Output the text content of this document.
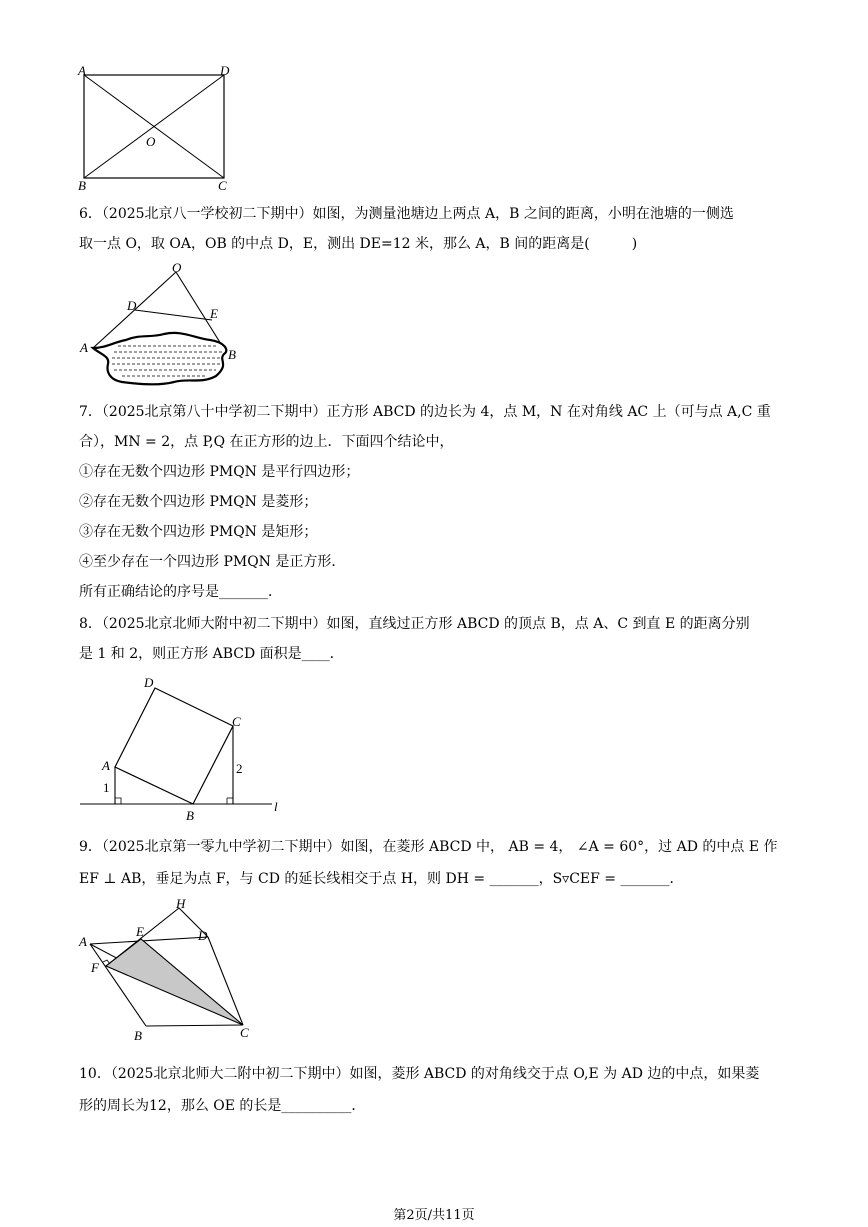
A	D
O
B	C
6．（2025北京八一学校初二下期中）如图，为测量池塘边上两点 A，B 之间的距离，小明在池塘的一侧选
取一点 O，取 OA，OB 的中点 D，E，测出 DE=12 米，那么 A，B 间的距离是(　　　)
O
D
E
A	B
7．（2025北京第八十中学初二下期中）正方形 ABCD 的边长为 4，点 M，N 在对角线 AC 上（可与点 A,C 重
合），MN = 2，点 P,Q 在正方形的边上．下面四个结论中，
①存在无数个四边形 PMQN 是平行四边形；
②存在无数个四边形 PMQN 是菱形；
③存在无数个四边形 PMQN 是矩形；
④至少存在一个四边形 PMQN 是正方形．
所有正确结论的序号是_______．
8．（2025北京北师大附中初二下期中）如图，直线过正方形 ABCD 的顶点 B，点 A、C 到直 E 的距离分别
是 1 和 2，则正方形 ABCD 面积是____．
D
C
A
B
l
1
2
9．（2025北京第一零九中学初二下期中）如图，在菱形 ABCD 中， AB = 4， ∠A = 60°，过 AD 的中点 E 作
EF ⊥ AB，垂足为点 F，与 CD 的延长线相交于点 H，则 DH = _______，S▿CEF = _______．
H
A
E	D
F
B	C
10．（2025北京北师大二附中初二下期中）如图，菱形 ABCD 的对角线交于点 O,E 为 AD 边的中点，如果菱
形的周长为12，那么 OE 的长是__________．
第2页/共11页
